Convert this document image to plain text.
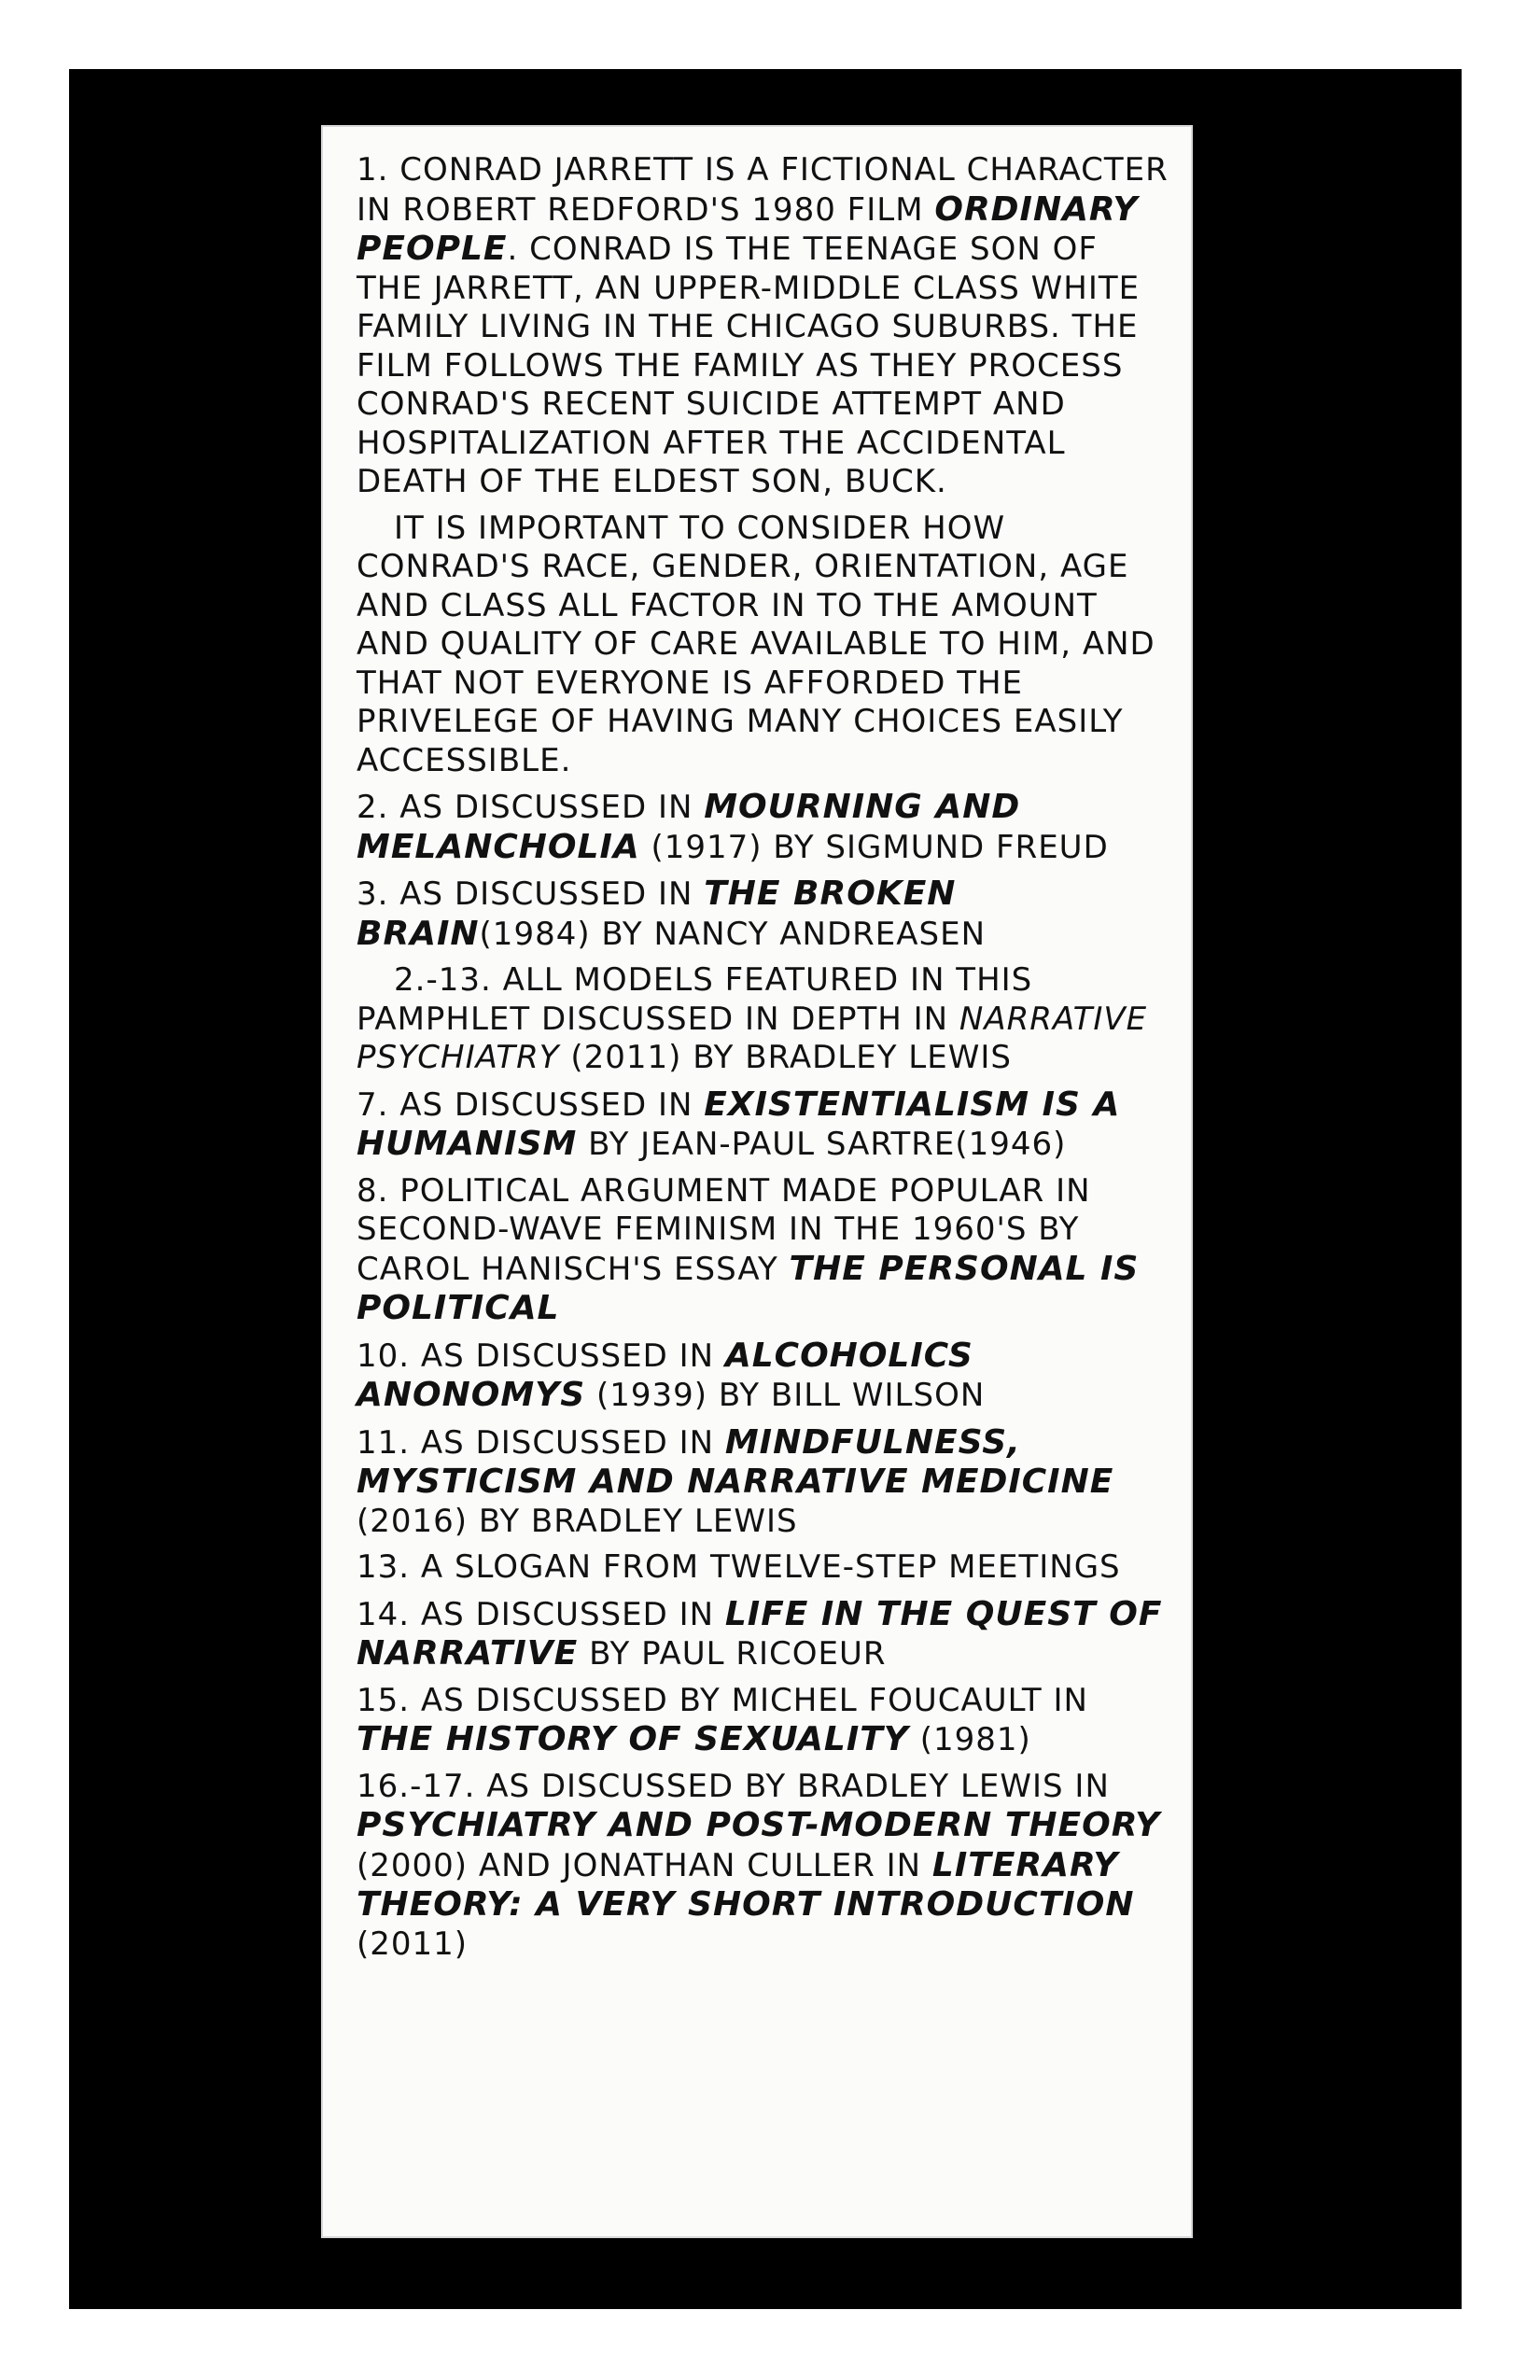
1. CONRAD JARRETT IS A FICTIONAL CHARACTER IN ROBERT REDFORD'S 1980 FILM ORDINARY PEOPLE. CONRAD IS THE TEENAGE SON OF THE JARRETT, AN UPPER-MIDDLE CLASS WHITE FAMILY LIVING IN THE CHICAGO SUBURBS. THE FILM FOLLOWS THE FAMILY AS THEY PROCESS CONRAD'S RECENT SUICIDE ATTEMPT AND HOSPITALIZATION AFTER THE ACCIDENTAL DEATH OF THE ELDEST SON, BUCK.

IT IS IMPORTANT TO CONSIDER HOW CONRAD'S RACE, GENDER, ORIENTATION, AGE AND CLASS ALL FACTOR IN TO THE AMOUNT AND QUALITY OF CARE AVAILABLE TO HIM, AND THAT NOT EVERYONE IS AFFORDED THE PRIVELEGE OF HAVING MANY CHOICES EASILY ACCESSIBLE.

2. AS DISCUSSED IN MOURNING AND MELANCHOLIA (1917) BY SIGMUND FREUD

3. AS DISCUSSED IN THE BROKEN BRAIN(1984) BY NANCY ANDREASEN

2.-13. ALL MODELS FEATURED IN THIS PAMPHLET DISCUSSED IN DEPTH IN NARRATIVE PSYCHIATRY (2011) BY BRADLEY LEWIS

7. AS DISCUSSED IN EXISTENTIALISM IS A HUMANISM BY JEAN-PAUL SARTRE(1946)

8. POLITICAL ARGUMENT MADE POPULAR IN SECOND-WAVE FEMINISM IN THE 1960'S BY CAROL HANISCH'S ESSAY THE PERSONAL IS POLITICAL

10. AS DISCUSSED IN ALCOHOLICS ANONOMYS (1939) BY BILL WILSON

11. AS DISCUSSED IN MINDFULNESS, MYSTICISM AND NARRATIVE MEDICINE (2016) BY BRADLEY LEWIS

13. A SLOGAN FROM TWELVE-STEP MEETINGS

14. AS DISCUSSED IN LIFE IN THE QUEST OF NARRATIVE BY PAUL RICOEUR

15. AS DISCUSSED BY MICHEL FOUCAULT IN THE HISTORY OF SEXUALITY (1981)

16.-17. AS DISCUSSED BY BRADLEY LEWIS IN PSYCHIATRY AND POST-MODERN THEORY (2000) AND JONATHAN CULLER IN LITERARY THEORY: A VERY SHORT INTRODUCTION (2011)
